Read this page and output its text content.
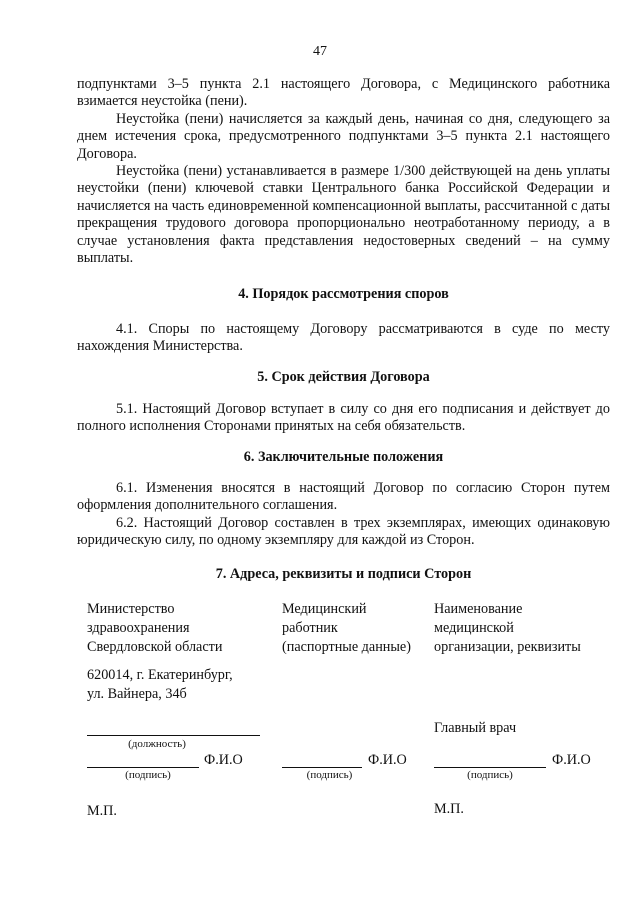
47

подпунктами 3–5 пункта 2.1 настоящего Договора, с Медицинского работника взимается неустойка (пени).

Неустойка (пени) начисляется за каждый день, начиная со дня, следующего за днем истечения срока, предусмотренного подпунктами 3–5 пункта 2.1 настоящего Договора.

Неустойка (пени) устанавливается в размере 1/300 действующей на день уплаты неустойки (пени) ключевой ставки Центрального банка Российской Федерации и начисляется на часть единовременной компенсационной выплаты, рассчитанной с даты прекращения трудового договора пропорционально неотработанному периоду, а в случае установления факта представления недостоверных сведений – на сумму выплаты.

4. Порядок рассмотрения споров

4.1. Споры по настоящему Договору рассматриваются в суде по месту нахождения Министерства.

5. Срок действия Договора

5.1. Настоящий Договор вступает в силу со дня его подписания и действует до полного исполнения Сторонами принятых на себя обязательств.

6. Заключительные положения

6.1. Изменения вносятся в настоящий Договор по согласию Сторон путем оформления дополнительного соглашения.

6.2. Настоящий Договор составлен в трех экземплярах, имеющих одинаковую юридическую силу, по одному экземпляру для каждой из Сторон.

7. Адреса, реквизиты и подписи Сторон
Министерство
здравоохранения
Свердловской области
620014, г. Екатеринбург,
ул. Вайнера, 34б
(должность)
Ф.И.О
(подпись)
М.П.
Медицинский
работник
(паспортные данные)
Ф.И.О
(подпись)
Наименование
медицинской
организации, реквизиты
Главный врач
Ф.И.О
(подпись)
М.П.
